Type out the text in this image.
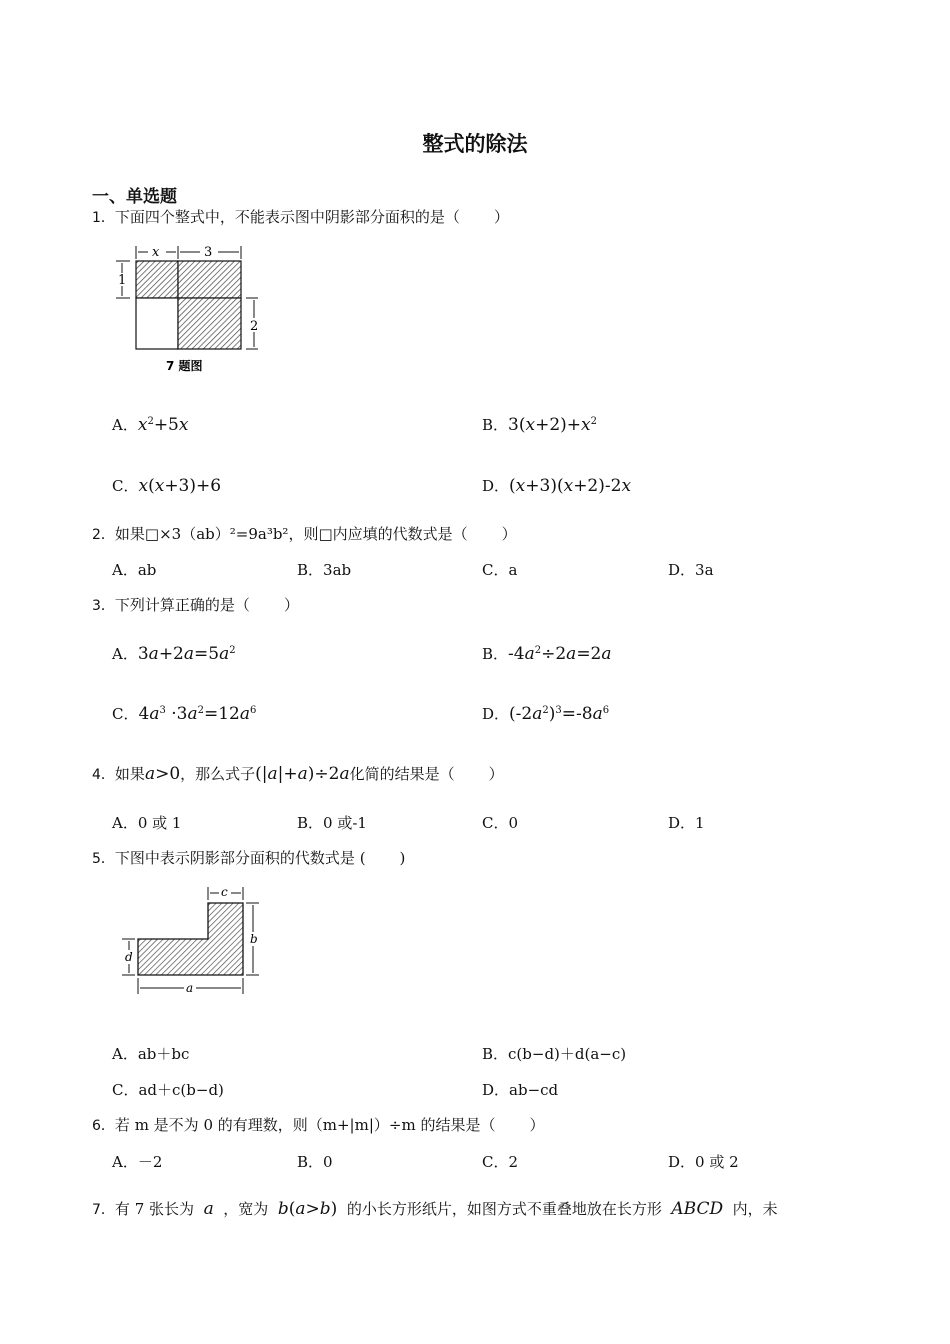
整式的除法
一、单选题
1．下面四个整式中，不能表示图中阴影部分面积的是（ ）
x	3
1
2
7 题图
A．$x^2+5x$	B．$3(x+2)+x^2$
C．x(x+3)+6	D．(x+3)(x+2)-2x
2．如果□×3（ab）²=9a³b²，则□内应填的代数式是（ ）
A．ab	B．3ab	C．a	D．3a
3．下列计算正确的是（ ）
A．$3a+2a=5a^2$	B．$-4a^2\div 2a=2a$
C．$4a^3 \cdot 3a^2=12a^6$	D．$(-2a^2)^3=-8a^6$
4．如果a>0，那么式子(|a|+a)÷2a化简的结果是（ ）
A．0 或 1	B．0 或-1	C．0	D．1
5．下图中表示阴影部分面积的代数式是 ( )
c
b
d
a
A．ab＋bc	B．c(b−d)＋d(a−c)
C．ad＋c(b−d)	D．ab−cd
6．若 m 是不为 0 的有理数，则（m+|m|）÷m 的结果是（ ）
A．－2	B．0	C．2	D．0 或 2
7．有 7 张长为 a ，宽为 b(a>b) 的小长方形纸片，如图方式不重叠地放在长方形 ABCD 内，未
